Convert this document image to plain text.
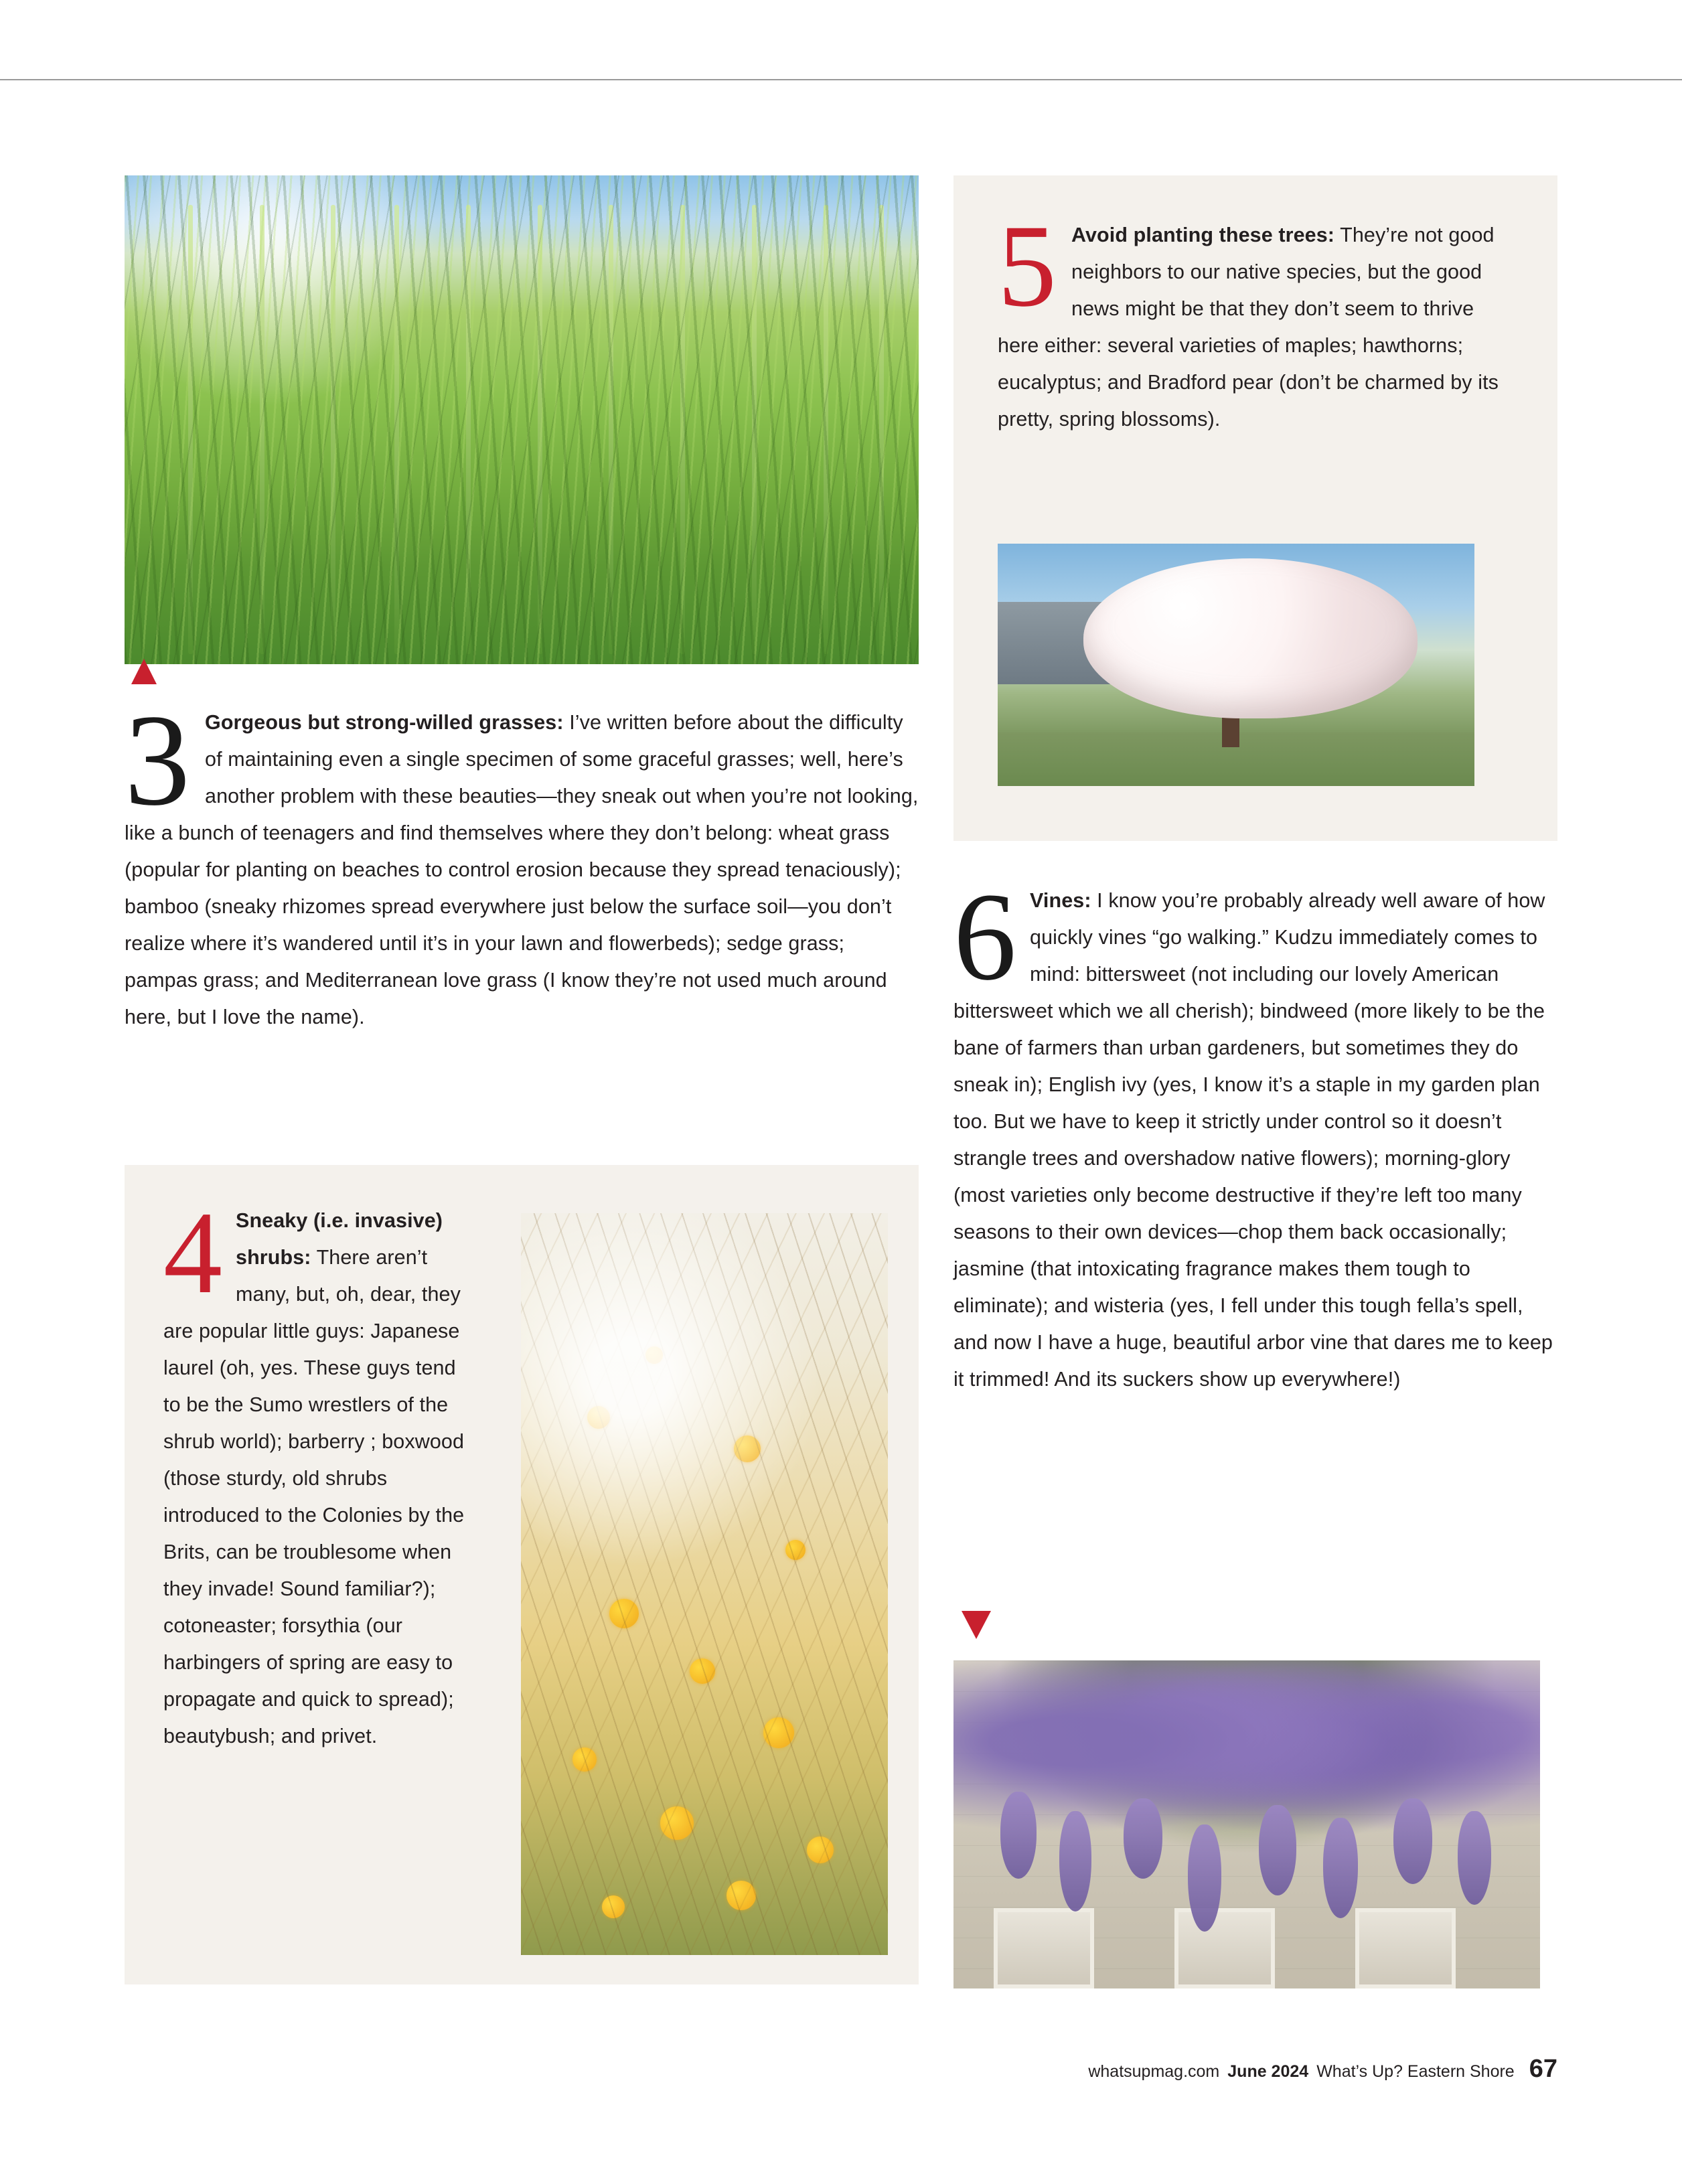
3 Gorgeous but strong-willed grasses: I’ve written before about the difficulty of maintaining even a single specimen of some graceful grasses; well, here’s another problem with these beauties—they sneak out when you’re not looking, like a bunch of teenagers and find themselves where they don’t belong: wheat grass (popular for planting on beaches to control erosion because they spread tenaciously); bamboo (sneaky rhizomes spread everywhere just below the surface soil—you don’t realize where it’s wandered until it’s in your lawn and flowerbeds); sedge grass; pampas grass; and Mediterranean love grass (I know they’re not used much around here, but I love the name).

4 Sneaky (i.e. invasive) shrubs: There aren’t many, but, oh, dear, they are popular little guys: Japanese laurel (oh, yes. These guys tend to be the Sumo wrestlers of the shrub world); barberry ; boxwood (those sturdy, old shrubs introduced to the Colonies by the Brits, can be troublesome when they invade! Sound familiar?); cotoneaster; forsythia (our harbingers of spring are easy to propagate and quick to spread); beautybush; and privet.

5 Avoid planting these trees: They’re not good neighbors to our native species, but the good news might be that they don’t seem to thrive here either: several varieties of maples; hawthorns; eucalyptus; and Bradford pear (don’t be charmed by its pretty, spring blossoms).

6 Vines: I know you’re probably already well aware of how quickly vines “go walking.” Kudzu immediately comes to mind: bittersweet (not including our lovely American bittersweet which we all cherish); bindweed (more likely to be the bane of farmers than urban gardeners, but sometimes they do sneak in); English ivy (yes, I know it’s a staple in my garden plan too. But we have to keep it strictly under control so it doesn’t strangle trees and overshadow native flowers); morning-glory (most varieties only become destructive if they’re left too many seasons to their own devices—chop them back occasionally; jasmine (that intoxicating fragrance makes them tough to eliminate); and wisteria (yes, I fell under this tough fella’s spell, and now I have a huge, beautiful arbor vine that dares me to keep it trimmed! And its suckers show up everywhere!)

whatsupmag.com June 2024 What’s Up? Eastern Shore 67
